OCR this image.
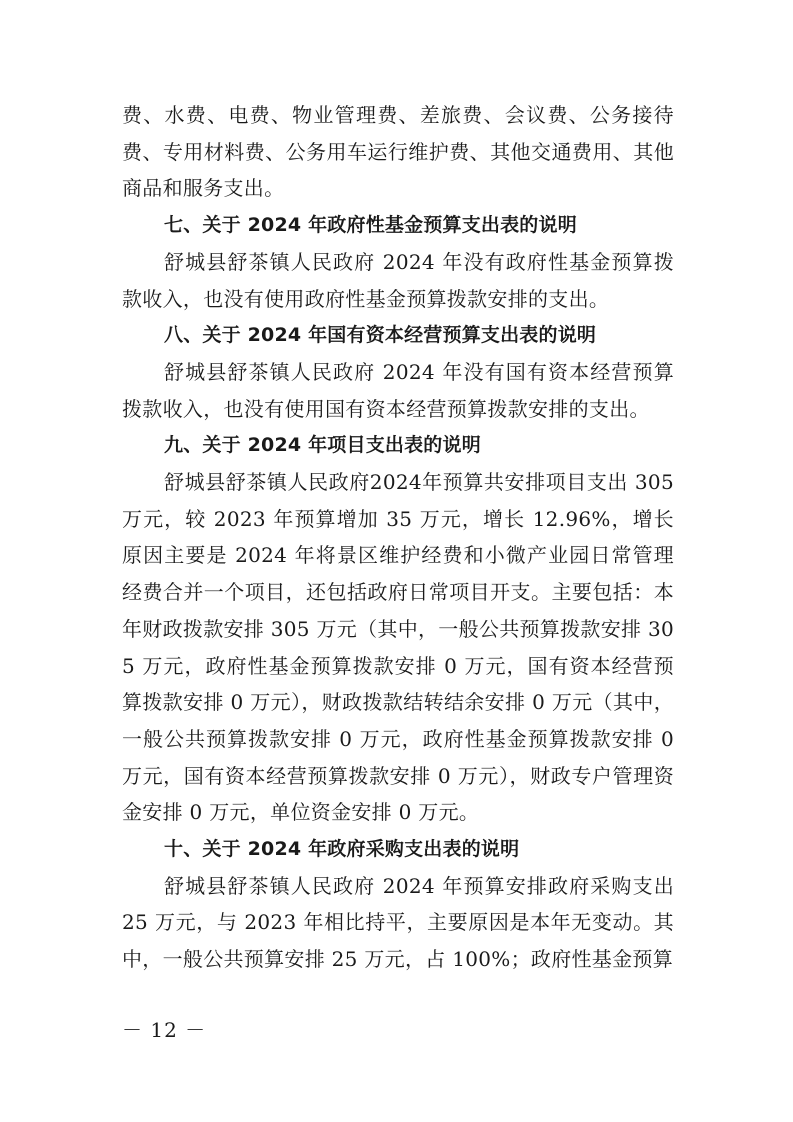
费、水费、电费、物业管理费、差旅费、会议费、公务接待费、专用材料费、公务用车运行维护费、其他交通费用、其他商品和服务支出。

七、关于 2024 年政府性基金预算支出表的说明

舒城县舒茶镇人民政府 2024 年没有政府性基金预算拨款收入，也没有使用政府性基金预算拨款安排的支出。

八、关于 2024 年国有资本经营预算支出表的说明

舒城县舒茶镇人民政府 2024 年没有国有资本经营预算拨款收入，也没有使用国有资本经营预算拨款安排的支出。

九、关于 2024 年项目支出表的说明

舒城县舒茶镇人民政府2024年预算共安排项目支出 305 万元，较 2023 年预算增加 35 万元，增长 12.96%，增长原因主要是 2024 年将景区维护经费和小微产业园日常管理经费合并一个项目，还包括政府日常项目开支。主要包括：本年财政拨款安排 305 万元（其中，一般公共预算拨款安排 305 万元，政府性基金预算拨款安排 0 万元，国有资本经营预算拨款安排 0 万元），财政拨款结转结余安排 0 万元（其中，一般公共预算拨款安排 0 万元，政府性基金预算拨款安排 0 万元，国有资本经营预算拨款安排 0 万元），财政专户管理资金安排 0 万元，单位资金安排 0 万元。

十、关于 2024 年政府采购支出表的说明

舒城县舒茶镇人民政府 2024 年预算安排政府采购支出 25 万元，与 2023 年相比持平，主要原因是本年无变动。其中，一般公共预算安排 25 万元，占 100%；政府性基金预算

－ 12 －
